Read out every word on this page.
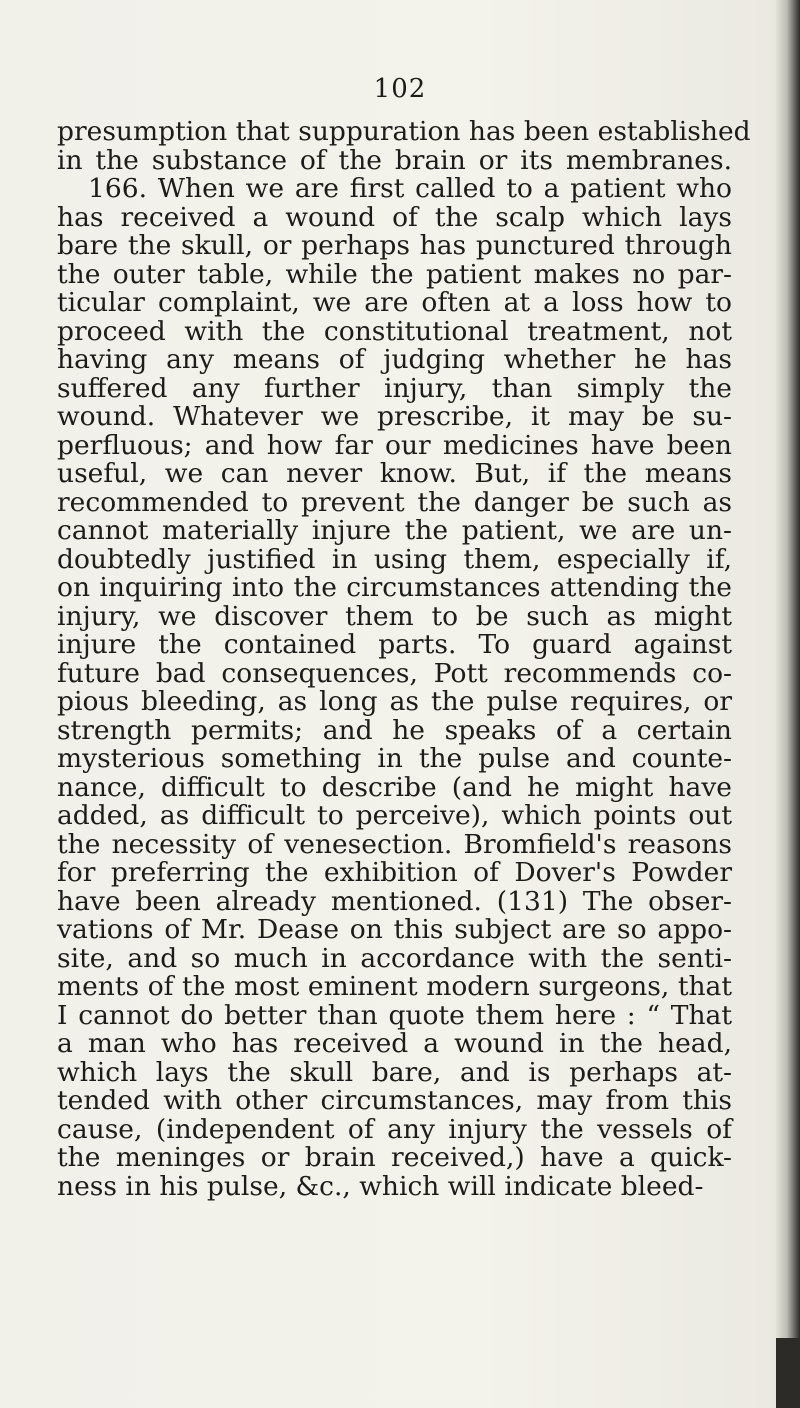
102
presumption that suppuration has been established
in the substance of the brain or its membranes.
166. When we are first called to a patient who
has received a wound of the scalp which lays
bare the skull, or perhaps has punctured through
the outer table, while the patient makes no par-
ticular complaint, we are often at a loss how to
proceed with the constitutional treatment, not
having any means of judging whether he has
suffered any further injury, than simply the
wound. Whatever we prescribe, it may be su-
perfluous; and how far our medicines have been
useful, we can never know. But, if the means
recommended to prevent the danger be such as
cannot materially injure the patient, we are un-
doubtedly justified in using them, especially if,
on inquiring into the circumstances attending the
injury, we discover them to be such as might
injure the contained parts. To guard against
future bad consequences, Pott recommends co-
pious bleeding, as long as the pulse requires, or
strength permits; and he speaks of a certain
mysterious something in the pulse and counte-
nance, difficult to describe (and he might have
added, as difficult to perceive), which points out
the necessity of venesection. Bromfield's reasons
for preferring the exhibition of Dover's Powder
have been already mentioned. (131) The obser-
vations of Mr. Dease on this subject are so appo-
site, and so much in accordance with the senti-
ments of the most eminent modern surgeons, that
I cannot do better than quote them here : “ That
a man who has received a wound in the head,
which lays the skull bare, and is perhaps at-
tended with other circumstances, may from this
cause, (independent of any injury the vessels of
the meninges or brain received,) have a quick-
ness in his pulse, &c., which will indicate bleed-
